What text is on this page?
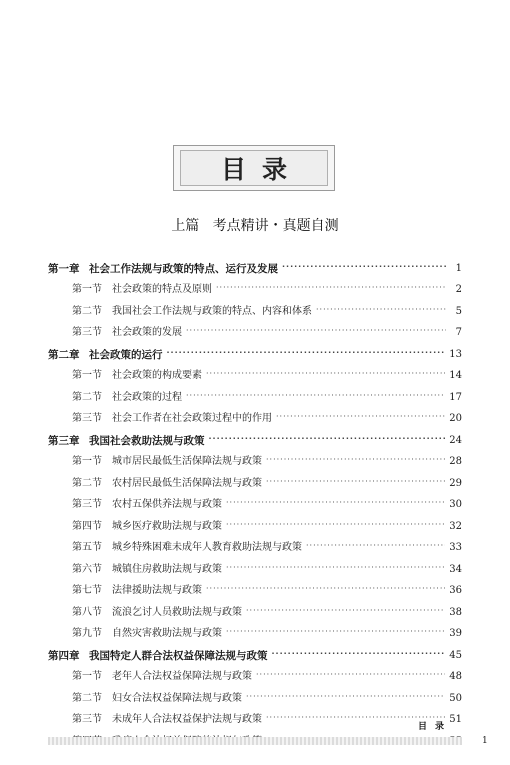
目录
上篇   考点精讲・真题自测
第一章 社会工作法规与政策的特点、运行及发展 ·····	1
第一节	社会政策的特点及原则 ·····	2
第二节	我国社会工作法规与政策的特点、内容和体系 ·····	5
第三节	社会政策的发展 ·····	7
第二章 社会政策的运行 ·····	13
第一节	社会政策的构成要素 ·····	14
第二节	社会政策的过程 ·····	17
第三节	社会工作者在社会政策过程中的作用 ·····	20
第三章 我国社会救助法规与政策 ·····	24
第一节	城市居民最低生活保障法规与政策 ·····	28
第二节	农村居民最低生活保障法规与政策 ·····	29
第三节	农村五保供养法规与政策 ·····	30
第四节	城乡医疗救助法规与政策 ·····	32
第五节	城乡特殊困难未成年人教育救助法规与政策 ·····	33
第六节	城镇住房救助法规与政策 ·····	34
第七节	法律援助法规与政策 ·····	36
第八节	流浪乞讨人员救助法规与政策 ·····	38
第九节	自然灾害救助法规与政策 ·····	39
第四章 我国特定人群合法权益保障法规与政策 ·····	45
第一节	老年人合法权益保障法规与政策 ·····	48
第二节	妇女合法权益保障法规与政策 ·····	50
第三节	未成年人合法权益保护法规与政策 ·····	51
·····
目录
1
